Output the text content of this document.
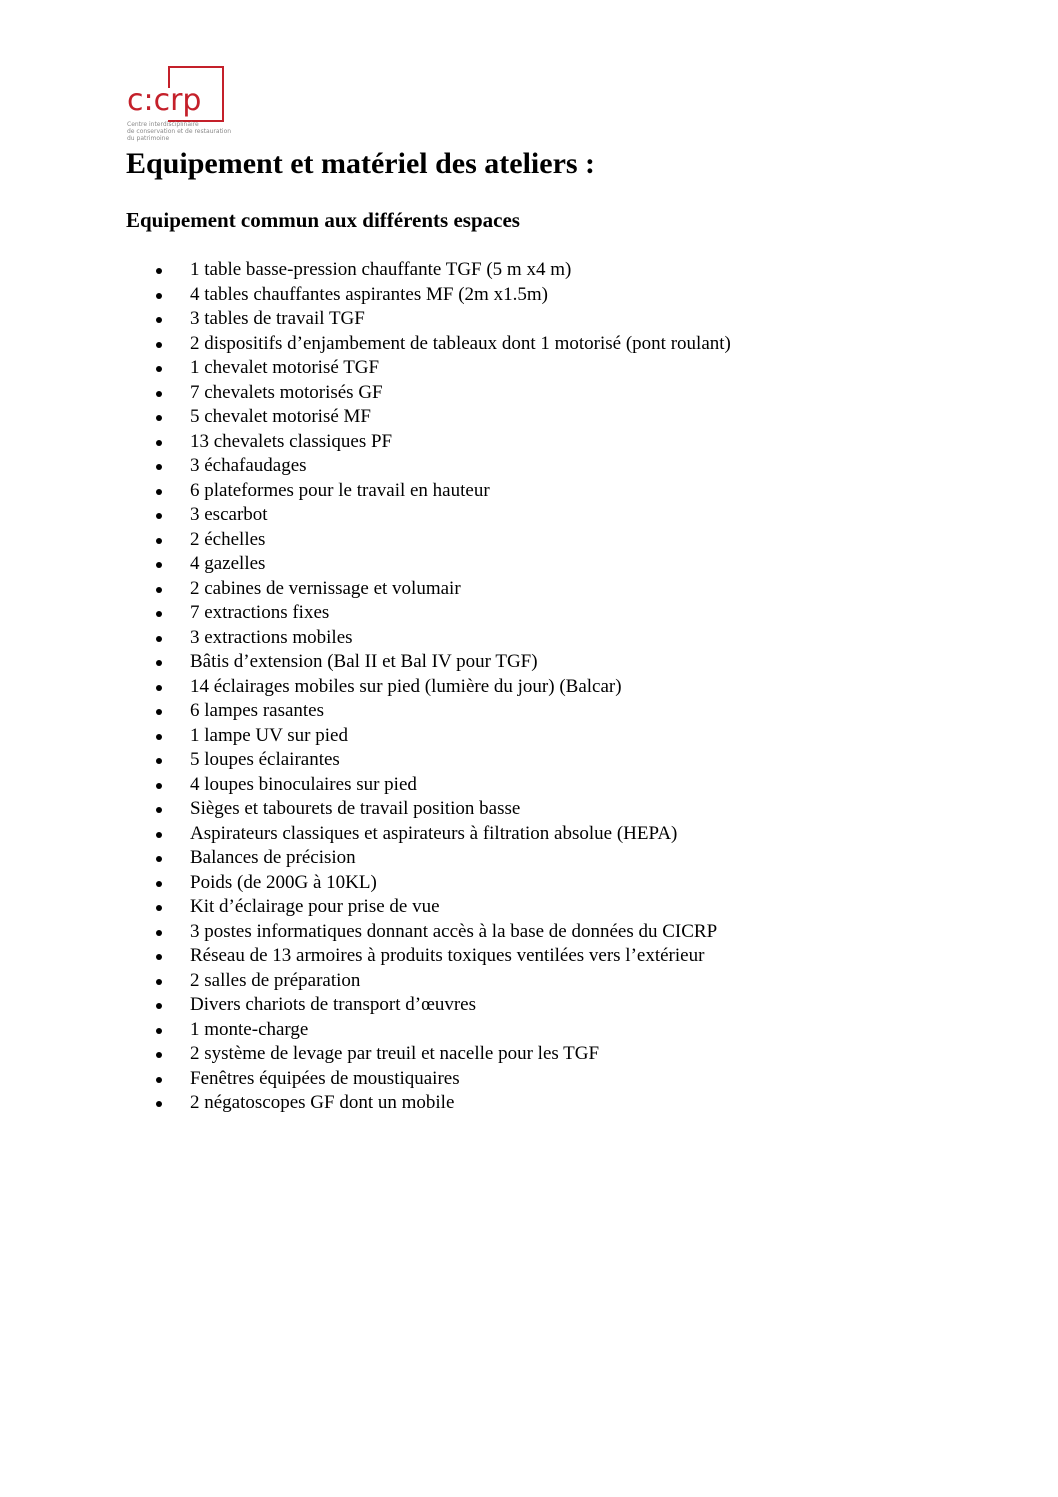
c:crp
Centre interdisciplinaire
de conservation et de restauration
du patrimoine
Equipement et matériel des ateliers :
Equipement commun aux différents espaces
1 table basse-pression chauffante TGF (5 m x4 m)
4 tables chauffantes aspirantes MF (2m x1.5m)
3 tables de travail TGF
2 dispositifs d’enjambement de tableaux dont 1 motorisé (pont roulant)
1 chevalet motorisé TGF
7 chevalets motorisés GF
5 chevalet motorisé MF
13 chevalets classiques PF
3 échafaudages
6 plateformes pour le travail en hauteur
3 escarbot
2 échelles
4 gazelles
2 cabines de vernissage et volumair
7 extractions fixes
3 extractions mobiles
Bâtis d’extension (Bal II et Bal IV pour TGF)
14 éclairages mobiles sur pied (lumière du jour) (Balcar)
6 lampes rasantes
1 lampe UV sur pied
5 loupes éclairantes
4 loupes binoculaires sur pied
Sièges et tabourets de travail position basse
Aspirateurs classiques et aspirateurs à filtration absolue (HEPA)
Balances de précision
Poids (de 200G à 10KL)
Kit d’éclairage pour prise de vue
3 postes informatiques donnant accès à la base de données du CICRP
Réseau de 13 armoires à produits toxiques ventilées vers l’extérieur
2 salles de préparation
Divers chariots de transport d’œuvres
1 monte-charge
2 système de levage par treuil et nacelle pour les TGF
Fenêtres équipées de moustiquaires
2 négatoscopes GF dont un mobile
